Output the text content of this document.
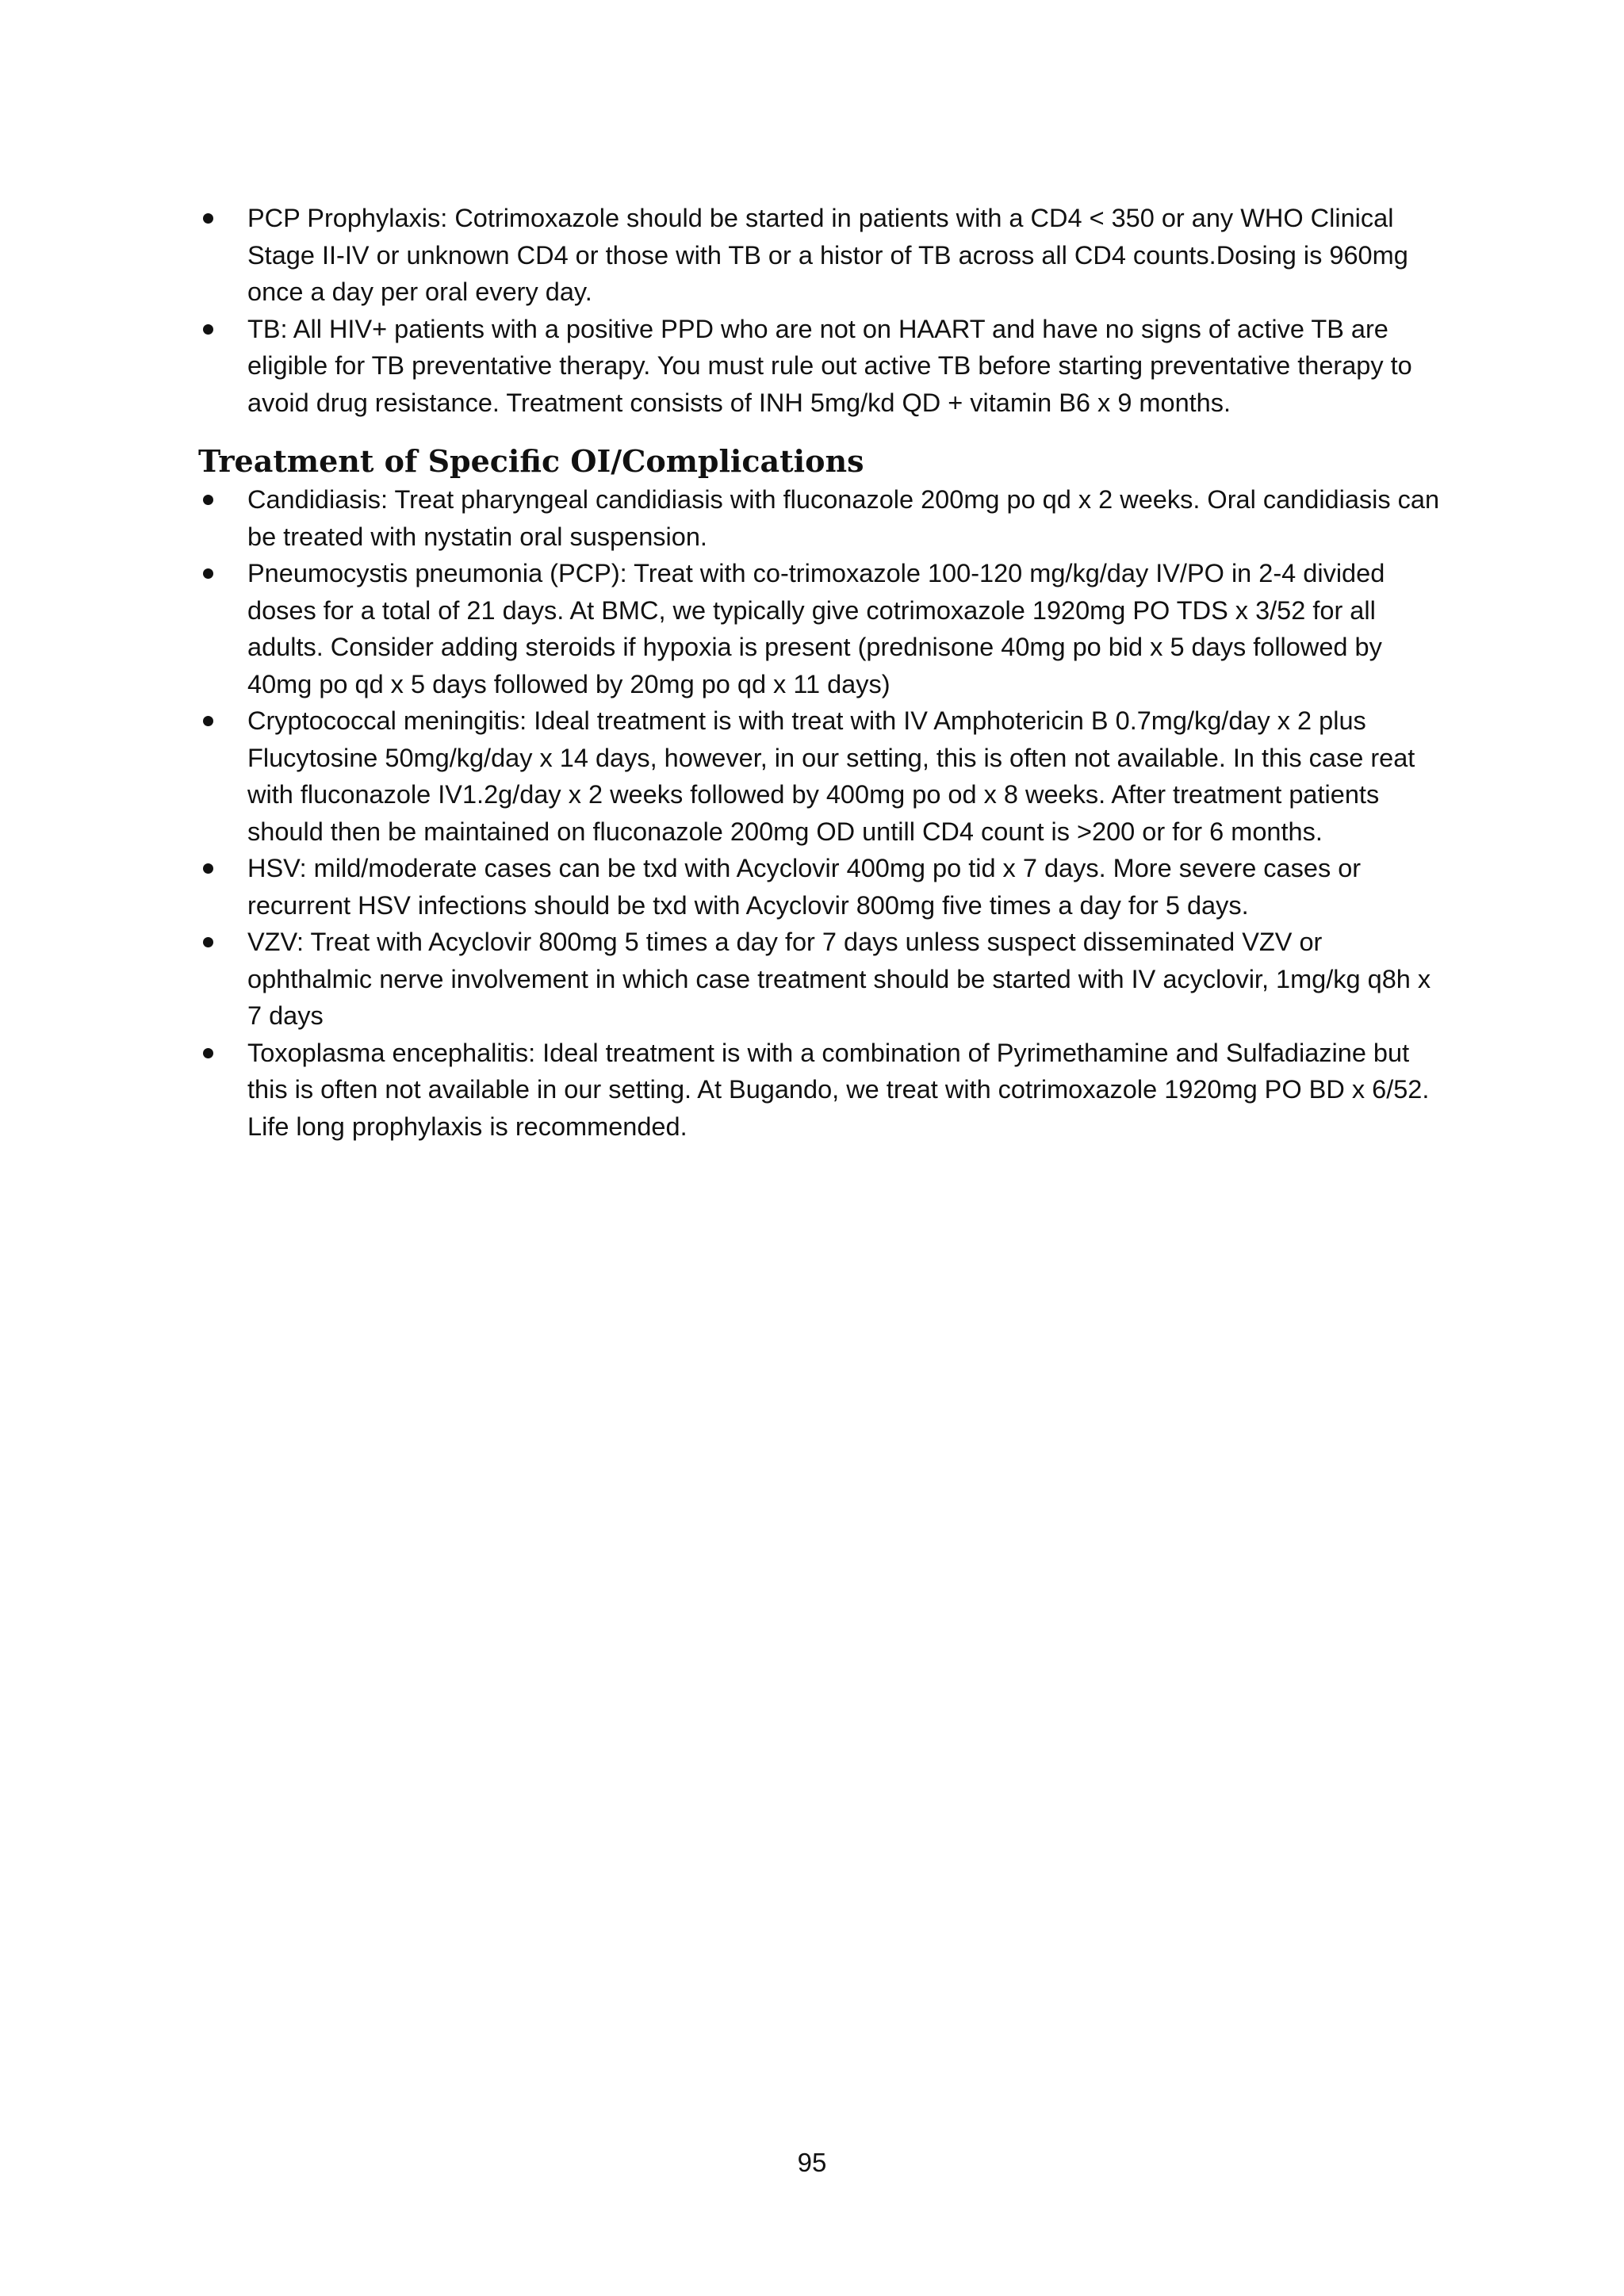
PCP Prophylaxis: Cotrimoxazole should be started in patients with a CD4 < 350 or any WHO Clinical Stage II-IV or unknown CD4 or those with TB or a histor of TB across all CD4 counts.Dosing is 960mg once a day per oral every day.
TB: All HIV+ patients with a positive PPD who are not on HAART and have no signs of active TB are eligible for TB preventative therapy. You must rule out active TB before starting preventative therapy to avoid drug resistance. Treatment consists of INH 5mg/kd QD + vitamin B6 x 9 months.
Treatment of Specific OI/Complications
Candidiasis: Treat pharyngeal candidiasis with fluconazole 200mg po qd x 2 weeks. Oral candidiasis can be treated with nystatin oral suspension.
Pneumocystis pneumonia (PCP): Treat with co-trimoxazole 100-120 mg/kg/day IV/PO in 2-4 divided doses for a total of 21 days. At BMC, we typically give cotrimoxazole 1920mg PO TDS x 3/52 for all adults. Consider adding steroids if hypoxia is present (prednisone 40mg po bid x 5 days followed by 40mg po qd x 5 days followed by 20mg po qd x 11 days)
Cryptococcal meningitis: Ideal treatment is with treat with IV Amphotericin B 0.7mg/kg/day x 2 plus Flucytosine 50mg/kg/day x 14 days, however, in our setting, this is often not available. In this case reat with fluconazole IV1.2g/day x 2 weeks followed by 400mg po od x 8 weeks. After treatment patients should then be maintained on fluconazole 200mg OD untill CD4 count is >200 or for 6 months.
HSV: mild/moderate cases can be txd with Acyclovir 400mg po tid x 7 days. More severe cases or recurrent HSV infections should be txd with Acyclovir 800mg five times a day for 5 days.
VZV: Treat with Acyclovir 800mg 5 times a day for 7 days unless suspect disseminated VZV or ophthalmic nerve involvement in which case treatment should be started with IV acyclovir, 1mg/kg q8h x 7 days
Toxoplasma encephalitis: Ideal treatment is with a combination of Pyrimethamine and Sulfadiazine but this is often not available in our setting. At Bugando, we treat with cotrimoxazole 1920mg PO BD x 6/52. Life long prophylaxis is recommended.
95
